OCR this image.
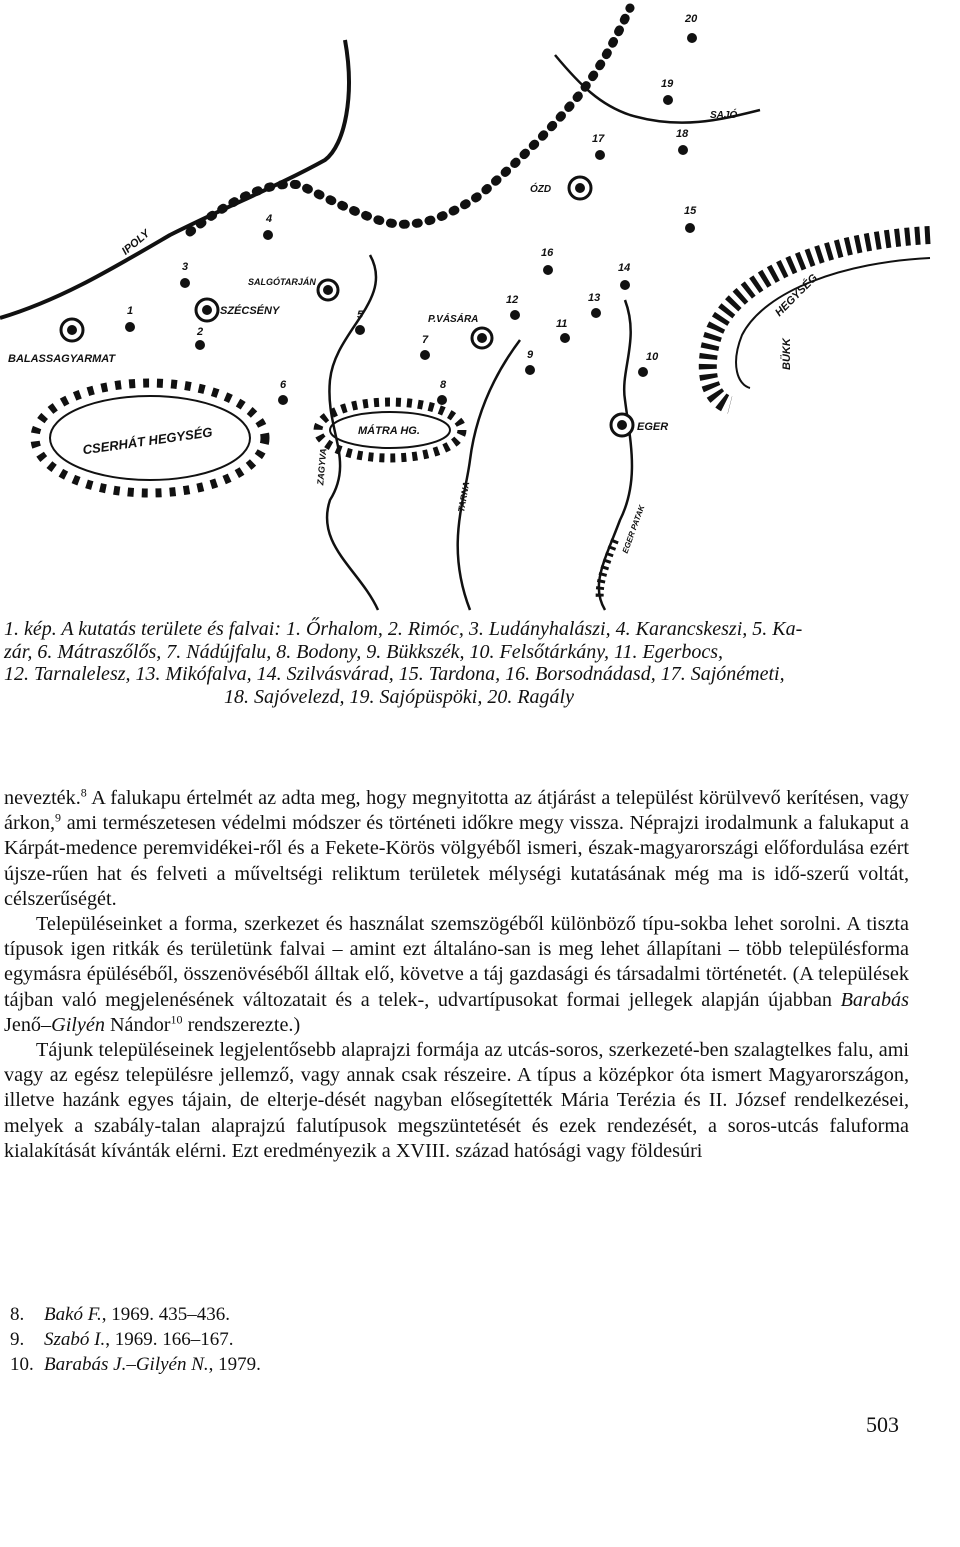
1
2
3
4
5
6
7
8
9	10
11
12	13
14
15
16
17	18
19
20
BALASSAGYARMAT
SZÉCSÉNY
SALGÓTARJÁN
CSERHÁT HEGYSÉG	MÁTRA HG.
IPOLY
ZAGYVA
TARNA
P.VÁSÁRA
ÓZD
EGER
SAJÓ
BÜKK
HEGYSÉG
EGER PATAK
1. kép. A kutatás területe és falvai: 1. Őrhalom, 2. Rimóc, 3. Ludányhalászi, 4. Karancskeszi, 5. Ka-
zár, 6. Mátraszőlős, 7. Nádújfalu, 8. Bodony, 9. Bükkszék, 10. Felsőtárkány, 11. Egerbocs,
12. Tarnalelesz, 13. Mikófalva, 14. Szilvásvárad, 15. Tardona, 16. Borsodnádasd, 17. Sajónémeti,
18. Sajóvelezd, 19. Sajópüspöki, 20. Ragály

nevezték.$^8$ A falukapu értelmét az adta meg, hogy megnyitotta az átjárást a települést körülvevő kerítésen, vagy árkon,$^9$ ami természetesen védelmi módszer és történeti időkre megy vissza. Néprajzi irodalmunk a falukaput a Kárpát-medence peremvidékei-ről és a Fekete-Körös völgyéből ismeri, észak-magyarországi előfordulása ezért újsze-rűen hat és felveti a műveltségi reliktum területek mélységi kutatásának még ma is idő-szerű voltát, célszerűségét.

Településeinket a forma, szerkezet és használat szemszögéből különböző típu-sokba lehet sorolni. A tiszta típusok igen ritkák és területünk falvai – amint ezt általáno-san is meg lehet állapítani – több településforma egymásra épüléséből, összenövéséből álltak elő, követve a táj gazdasági és társadalmi történetét. (A települések tájban való megjelenésének változatait és a telek-, udvartípusokat formai jellegek alapján újabban Barabás Jenő–Gilyén Nándor$^{10}$ rendszerezte.)

Tájunk településeinek legjelentősebb alaprajzi formája az utcás-soros, szerkezeté-ben szalagtelkes falu, ami vagy az egész településre jellemző, vagy annak csak részeire. A típus a középkor óta ismert Magyarországon, illetve hazánk egyes tájain, de elterje-dését nagyban elősegítették Mária Terézia és II. József rendelkezései, melyek a szabály-talan alaprajzú falutípusok megszüntetését és ezek rendezését, a soros-utcás faluforma kialakítását kívánták elérni. Ezt eredményezik a XVIII. század hatósági vagy földesúri

8. Bakó F., 1969. 435–436.
9. Szabó I., 1969. 166–167.
10. Barabás J.–Gilyén N., 1979.
503
